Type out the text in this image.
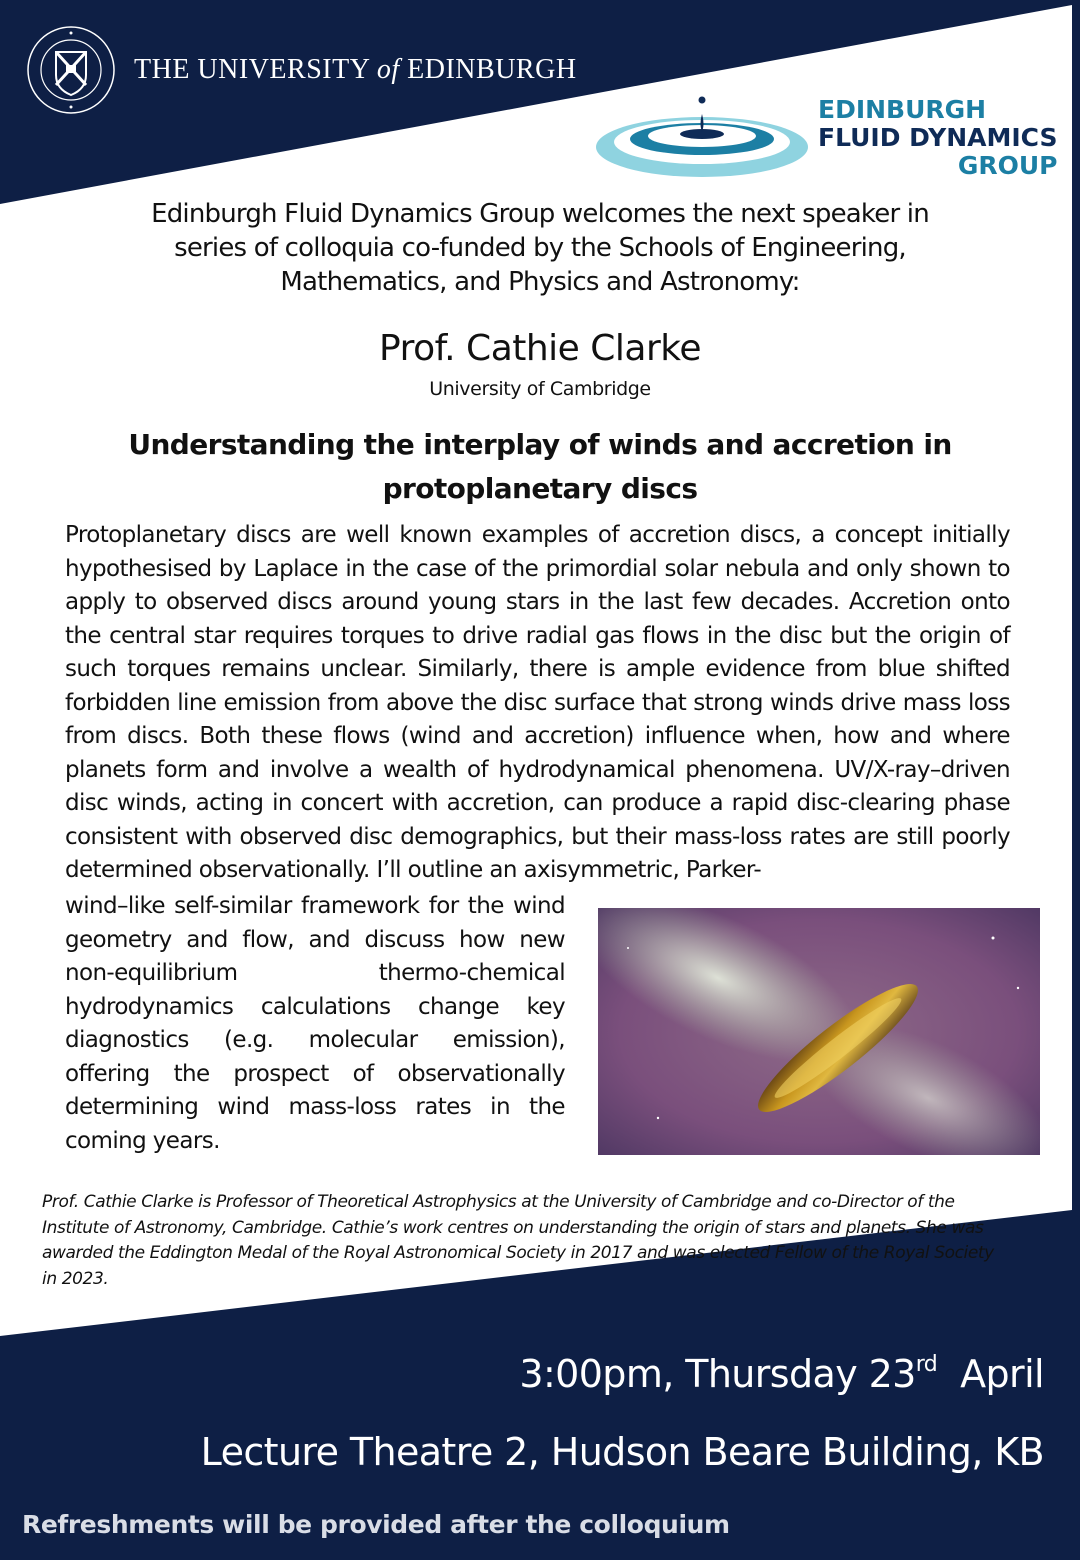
THE UNIVERSITY of EDINBURGH
EDINBURGH
FLUID DYNAMICS
GROUP
Edinburgh Fluid Dynamics Group welcomes the next speaker in series of colloquia co-funded by the Schools of Engineering, Mathematics, and Physics and Astronomy:
Prof. Cathie Clarke
University of Cambridge
Understanding the interplay of winds and accretion in protoplanetary discs
Protoplanetary discs are well known examples of accretion discs, a concept initially hypothesised by Laplace in the case of the primordial solar nebula and only shown to apply to observed discs around young stars in the last few decades. Accretion onto the central star requires torques to drive radial gas flows in the disc but the origin of such torques remains unclear. Similarly, there is ample evidence from blue shifted forbidden line emission from above the disc surface that strong winds drive mass loss from discs. Both these flows (wind and accretion) influence when, how and where planets form and involve a wealth of hydrodynamical phenomena. UV/X-ray–driven disc winds, acting in concert with accretion, can produce a rapid disc-clearing phase consistent with observed disc demographics, but their mass-loss rates are still poorly determined observationally. I’ll outline an axisymmetric, Parker-
wind–like self-similar framework for the wind geometry and flow, and discuss how new non-equilibrium thermo-chemical hydrodynamics calculations change key diagnostics (e.g. molecular emission), offering the prospect of observationally determining wind mass-loss rates in the coming years.
Prof. Cathie Clarke is Professor of Theoretical Astrophysics at the University of Cambridge and co-Director of the Institute of Astronomy, Cambridge. Cathie’s work centres on understanding the origin of stars and planets. She was awarded the Eddington Medal of the Royal Astronomical Society in 2017 and was elected Fellow of the Royal Society in 2023.
3:00pm, Thursday 23rd  April
Lecture Theatre 2, Hudson Beare Building, KB
Refreshments will be provided after the colloquium
